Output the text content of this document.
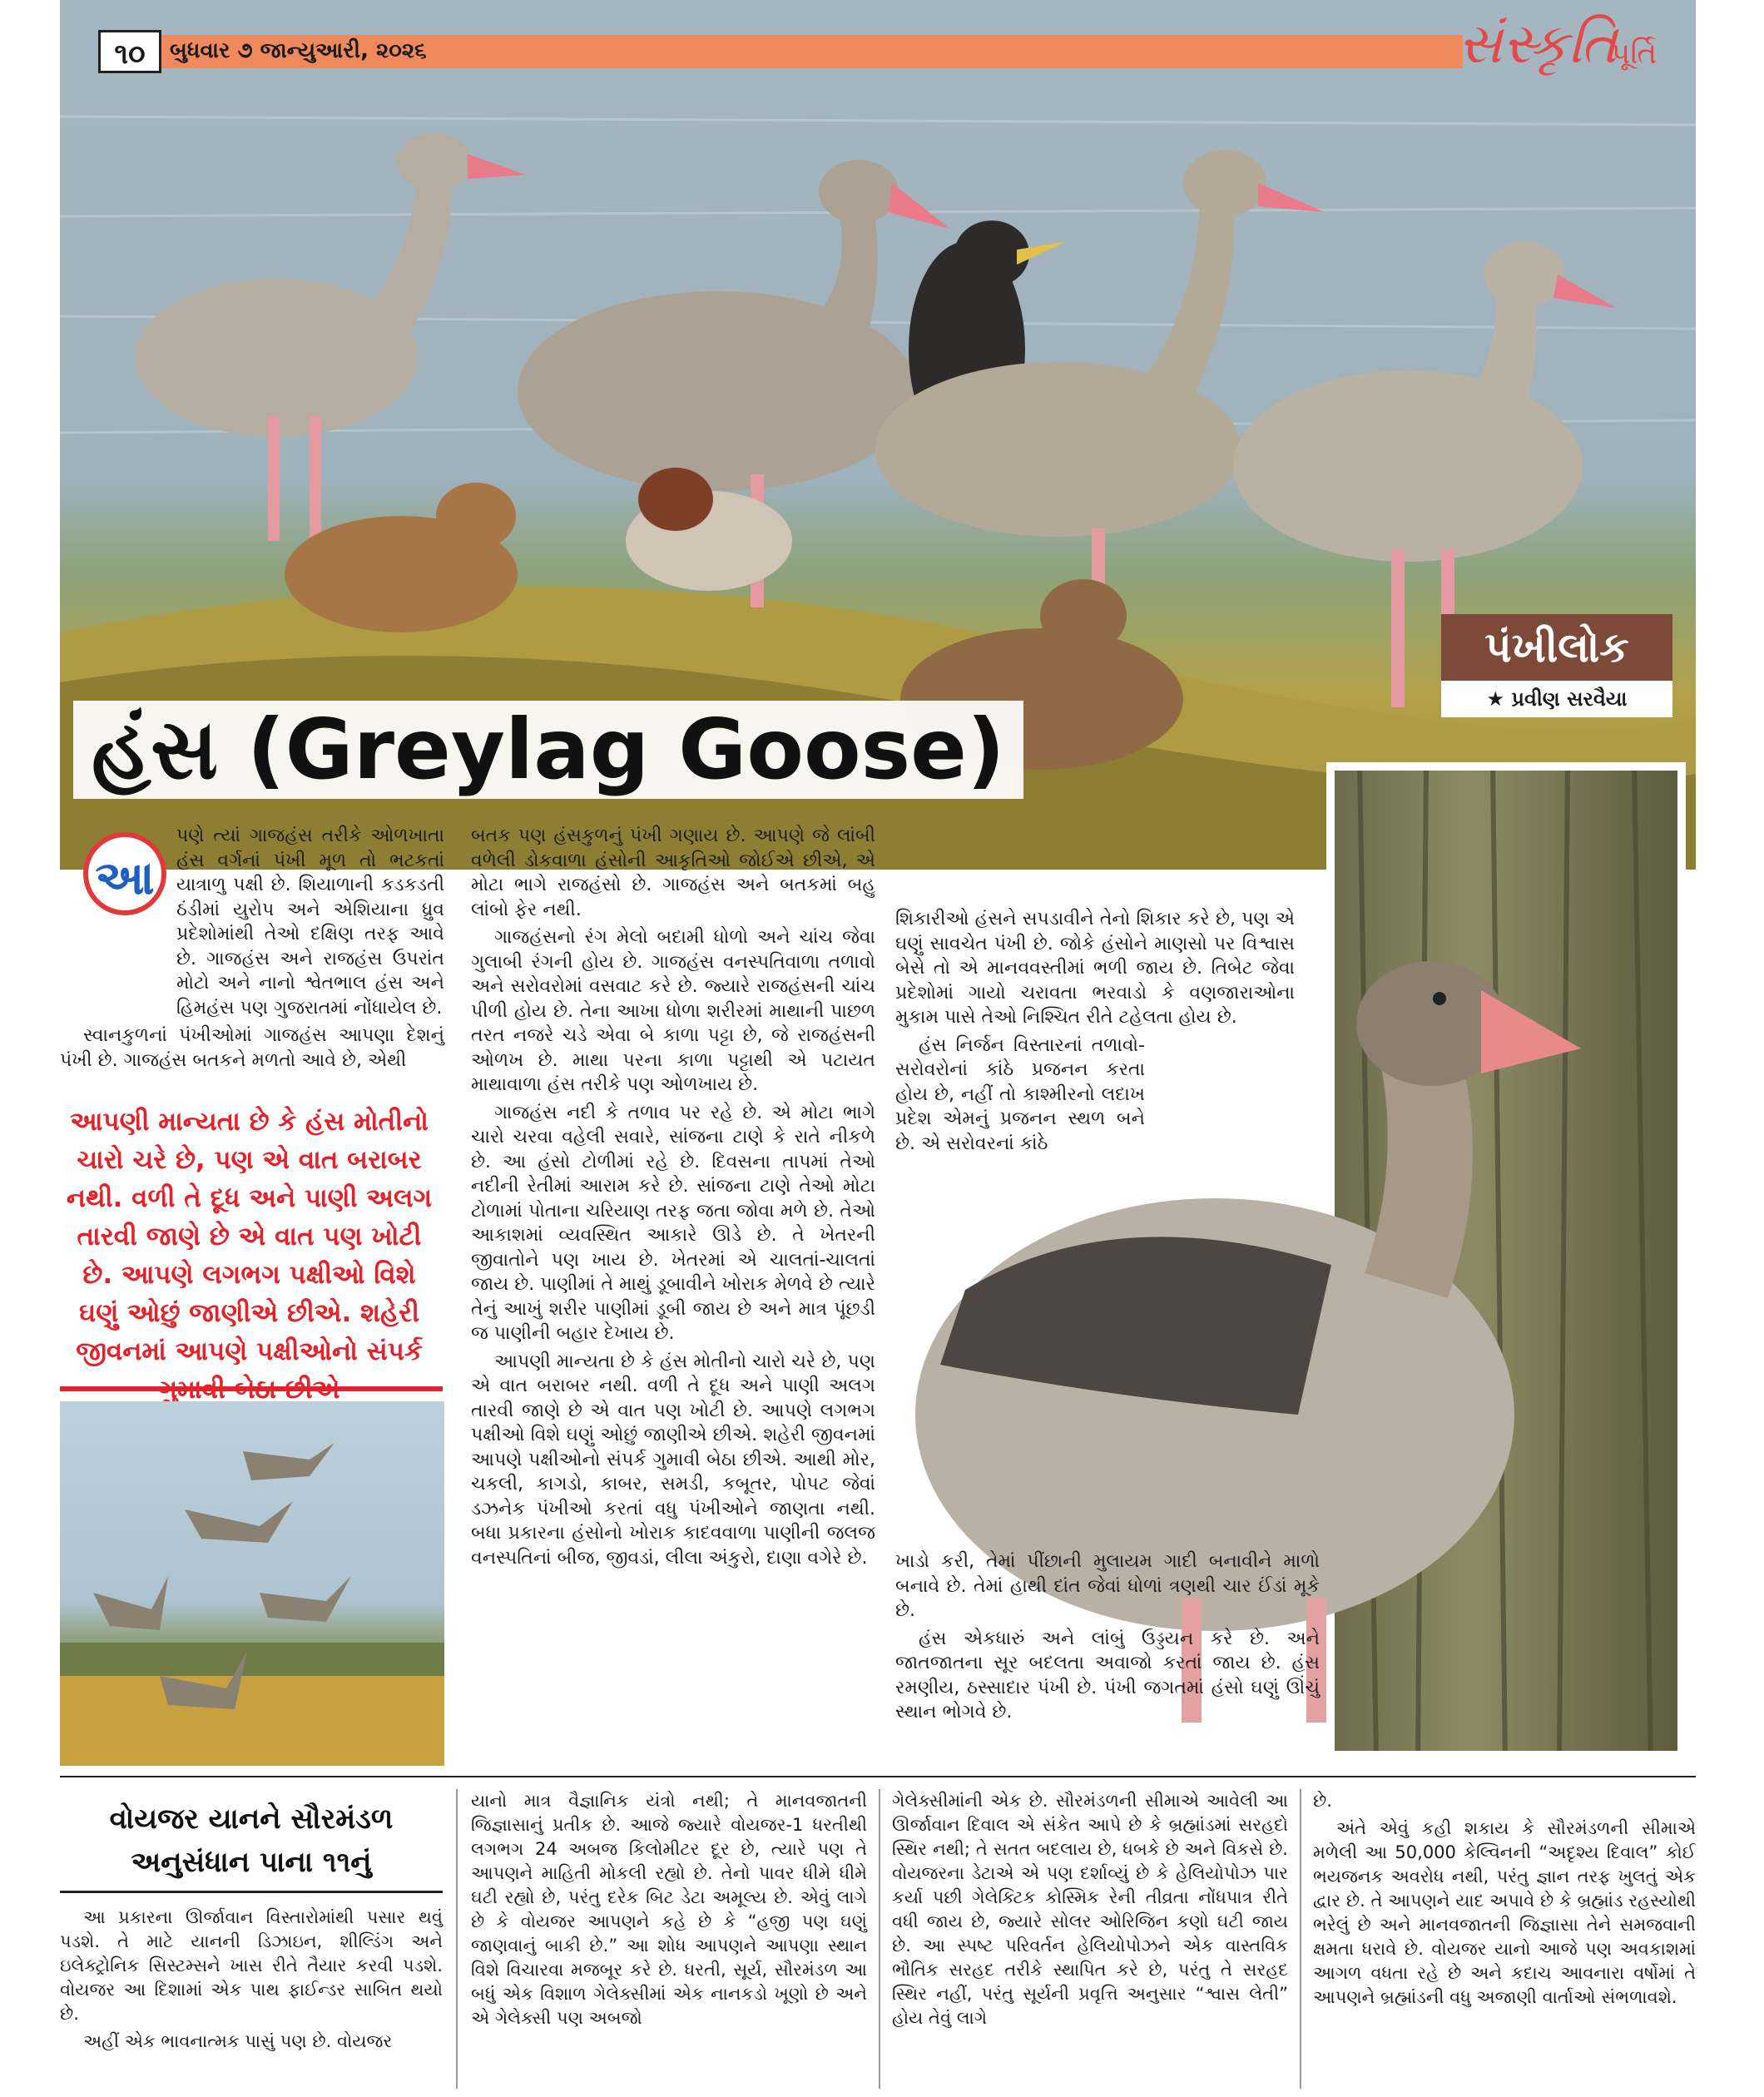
૧૦	બુધવાર ૭ જાન્યુઆરી, ૨૦૨૬	સંસ્કૃતિ
પૂર્તિ
પંખીલોક
★ પ્રવીણ સરવૈયા
હંસ (Greylag Goose)
આ

પણે ત્યાં ગાજહંસ તરીકે ઓળખાતા હંસ વર્ગનાં પંખી મૂળ તો ભટકતાં યાત્રાળુ પક્ષી છે. શિયાળાની કડકડતી ઠંડીમાં યુરોપ અને એશિયાના ધ્રુવ પ્રદેશોમાંથી તેઓ દક્ષિણ તરફ આવે છે. ગાજહંસ અને રાજહંસ ઉપરાંત મોટો અને નાનો શ્વેતભાલ હંસ અને હિમહંસ પણ ગુજરાતમાં નોંધાયેલ છે.

સ્વાનકુળનાં પંખીઓમાં ગાજહંસ આપણા દેશનું પંખી છે. ગાજહંસ બતકને મળતો આવે છે, એથી

આપણી માન્યતા છે કે હંસ મોતીનો ચારો ચરે છે, પણ એ વાત બરાબર નથી. વળી તે દૂધ અને પાણી અલગ તારવી જાણે છે એ વાત પણ ખોટી છે. આપણે લગભગ પક્ષીઓ વિશે ઘણું ઓછું જાણીએ છીએ. શહેરી જીવનમાં આપણે પક્ષીઓનો સંપર્ક

બતક પણ હંસકુળનું પંખી ગણાય છે. આપણે જે લાંબી વળેલી ડોકવાળા હંસોની આકૃતિઓ જોઈએ છીએ, એ મોટા ભાગે રાજહંસો છે. ગાજહંસ અને બતકમાં બહુ લાંબો ફેર નથી.

ગાજહંસનો રંગ મેલો બદામી ધોળો અને ચાંચ જેવા ગુલાબી રંગની હોય છે. ગાજહંસ વનસ્પતિવાળા તળાવો અને સરોવરોમાં વસવાટ કરે છે. જ્યારે રાજહંસની ચાંચ પીળી હોય છે. તેના આખા ધોળા શરીરમાં માથાની પાછળ તરત નજરે ચડે એવા બે કાળા પટ્ટા છે, જે રાજહંસની ઓળખ છે. માથા પરના કાળા પટ્ટાથી એ પટાયત માથાવાળા હંસ તરીકે પણ ઓળખાય છે.

ગાજહંસ નદી કે તળાવ પર રહે છે. એ મોટા ભાગે ચારો ચરવા વહેલી સવારે, સાંજના ટાણે કે રાતે નીકળે છે. આ હંસો ટોળીમાં રહે છે. દિવસના તાપમાં તેઓ નદીની રેતીમાં આરામ કરે છે. સાંજના ટાણે તેઓ મોટા ટોળામાં પોતાના ચરિયાણ તરફ જતા જોવા મળે છે. તેઓ આકાશમાં વ્યવસ્થિત આકારે ઊડે છે. તે ખેતરની જીવાતોને પણ ખાય છે. ખેતરમાં એ ચાલતાં-ચાલતાં જાય છે. પાણીમાં તે માથું ડૂબાવીને ખોરાક મેળવે છે ત્યારે તેનું આખું શરીર પાણીમાં ડૂબી જાય છે અને માત્ર પૂંછડી જ પાણીની બહાર દેખાય છે.

આપણી માન્યતા છે કે હંસ મોતીનો ચારો ચરે છે, પણ એ વાત બરાબર નથી. વળી તે દૂધ અને પાણી અલગ તારવી જાણે છે એ વાત પણ ખોટી છે. આપણે લગભગ પક્ષીઓ વિશે ઘણું ઓછું જાણીએ છીએ. શહેરી જીવનમાં આપણે પક્ષીઓનો સંપર્ક ગુમાવી બેઠા છીએ. આથી મોર, ચકલી, કાગડો, કાબર, સમડી, કબૂતર, પોપટ જેવાં ડઝનેક પંખીઓ કરતાં વધુ પંખીઓને જાણતા નથી. બધા પ્રકારના હંસોનો ખોરાક કાદવવાળા પાણીની જલજ વનસ્પતિનાં બીજ, જીવડાં, લીલા અંકુરો, દાણા વગેરે છે.

શિકારીઓ હંસને સપડાવીને તેનો શિકાર કરે છે, પણ એ ઘણું સાવચેત પંખી છે. જોકે હંસોને માણસો પર વિશ્વાસ બેસે તો એ માનવવસ્તીમાં ભળી જાય છે. તિબેટ જેવા પ્રદેશોમાં ગાયો ચરાવતા ભરવાડો કે વણજારાઓના મુકામ પાસે તેઓ નિશ્ચિત રીતે ટહેલતા હોય છે.

હંસ નિર્જન વિસ્તારનાં તળાવો-સરોવરોનાં કાંઠે પ્રજનન કરતા હોય છે, નહીં તો કાશ્મીરનો લદાખ પ્રદેશ એમનું પ્રજનન સ્થળ બને છે. એ સરોવરનાં કાંઠે

ખાડો કરી, તેમાં પીંછાની મુલાયમ ગાદી બનાવીને માળો બનાવે છે. તેમાં હાથી દાંત જેવાં ધોળાં ત્રણથી ચાર ઈંડાં મૂકે છે.

હંસ એકધારું અને લાંબું ઉડ્ડયન કરે છે. અને જાતજાતના સૂર બદલતા અવાજો કરતાં જાય છે. હંસ રમણીય, ઠસ્સાદાર પંખી છે. પંખી જગતમાં હંસો ઘણું ઊંચું સ્થાન ભોગવે છે.

વોયજર યાનને સૌરમંડળ
અનુસંધાન પાના ૧૧નું

આ પ્રકારના ઊર્જાવાન વિસ્તારોમાંથી પસાર થવું પડશે. તે માટે યાનની ડિઝાઇન, શીલ્ડિંગ અને ઇલેક્ટ્રોનિક સિસ્ટમ્સને ખાસ રીતે તૈયાર કરવી પડશે. વોયજર આ દિશામાં એક પાથ ફાઈન્ડર સાબિત થયો છે.

અહીં એક ભાવનાત્મક પાસું પણ છે. વોયજર

યાનો માત્ર વૈજ્ઞાનિક યંત્રો નથી; તે માનવજાતની જિજ્ઞાસાનું પ્રતીક છે. આજે જ્યારે વોયજર-1 ધરતીથી લગભગ 24 અબજ કિલોમીટર દૂર છે, ત્યારે પણ તે આપણને માહિતી મોકલી રહ્યો છે. તેનો પાવર ધીમે ધીમે ઘટી રહ્યો છે, પરંતુ દરેક બિટ ડેટા અમૂલ્ય છે. એવું લાગે છે કે વોયજર આપણને કહે છે કે “હજી પણ ઘણું જાણવાનું બાકી છે.” આ શોધ આપણને આપણા સ્થાન વિશે વિચારવા મજબૂર કરે છે. ધરતી, સૂર્ય, સૌરમંડળ આ બધું એક વિશાળ ગેલેક્સીમાં એક નાનકડો ખૂણો છે અને એ ગેલેક્સી પણ અબજો

ગેલેક્સીમાંની એક છે. સૌરમંડળની સીમાએ આવેલી આ ઊર્જાવાન દિવાલ એ સંકેત આપે છે કે બ્રહ્માંડમાં સરહદો સ્થિર નથી; તે સતત બદલાય છે, ધબકે છે અને વિકસે છે. વોયજરના ડેટાએ એ પણ દર્શાવ્યું છે કે હેલિયોપોઝ પાર કર્યા પછી ગેલેક્ટિક કોસ્મિક રેની તીવ્રતા નોંધપાત્ર રીતે વધી જાય છે, જ્યારે સોલર ઓરિજિન કણો ઘટી જાય છે. આ સ્પષ્ટ પરિવર્તન હેલિયોપોઝને એક વાસ્તવિક ભૌતિક સરહદ તરીકે સ્થાપિત કરે છે, પરંતુ તે સરહદ સ્થિર નહીં, પરંતુ સૂર્યની પ્રવૃત્તિ અનુસાર “શ્વાસ લેતી” હોય તેવું લાગે

છે.

અંતે એવું કહી શકાય કે સૌરમંડળની સીમાએ મળેલી આ 50,000 કેલ્વિનની “અદૃશ્ય દિવાલ” કોઈ ભયજનક અવરોધ નથી, પરંતુ જ્ઞાન તરફ ખુલતું એક દ્વાર છે. તે આપણને યાદ અપાવે છે કે બ્રહ્માંડ રહસ્યોથી ભરેલું છે અને માનવજાતની જિજ્ઞાસા તેને સમજવાની ક્ષમતા ધરાવે છે. વોયજર યાનો આજે પણ અવકાશમાં આગળ વધતા રહે છે અને કદાચ આવનારા વર્ષોમાં તે આપણને બ્રહ્માંડની વધુ અજાણી વાર્તાઓ સંભળાવશે.
